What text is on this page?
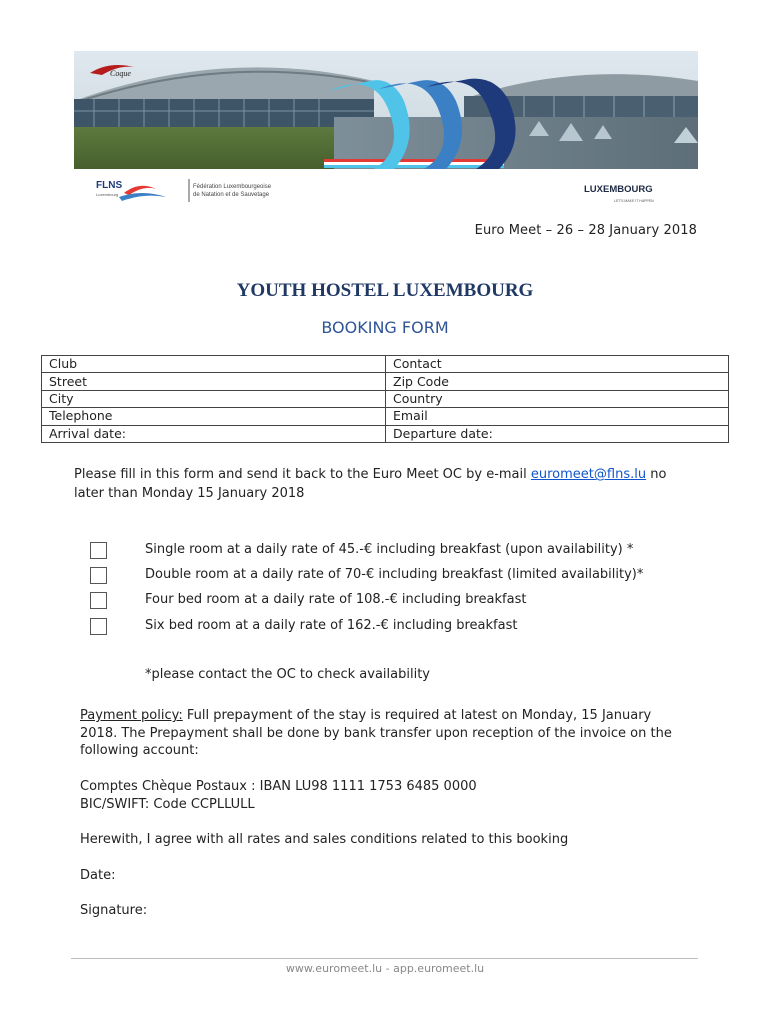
Coque
FLNS
Luxembourg
Fédération Luxembourgeoise
de Natation et de Sauvetage	LUXEMBOURG
LET'S MAKE IT HAPPEN
Euro Meet – 26 – 28 January 2018
YOUTH HOSTEL LUXEMBOURG
BOOKING FORM
Club	Contact
Street	Zip Code
City	Country
Telephone	Email
Arrival date:	Departure date:
Please fill in this form and send it back to the Euro Meet OC by e-mail euromeet@flns.lu no later than Monday 15 January 2018
Single room at a daily rate of 45.-€ including breakfast (upon availability) *
Double room at a daily rate of 70-€ including breakfast (limited availability)*
Four bed room at a daily rate of 108.-€ including breakfast
Six bed room at a daily rate of 162.-€ including breakfast
*please contact the OC to check availability
Payment policy: Full prepayment of the stay is required at latest on Monday, 15 January 2018. The Prepayment shall be done by bank transfer upon reception of the invoice on the following account:
Comptes Chèque Postaux : IBAN LU98 1111 1753 6485 0000
BIC/SWIFT: Code CCPLLULL
Herewith, I agree with all rates and sales conditions related to this booking
Date:
Signature:
www.euromeet.lu - app.euromeet.lu
